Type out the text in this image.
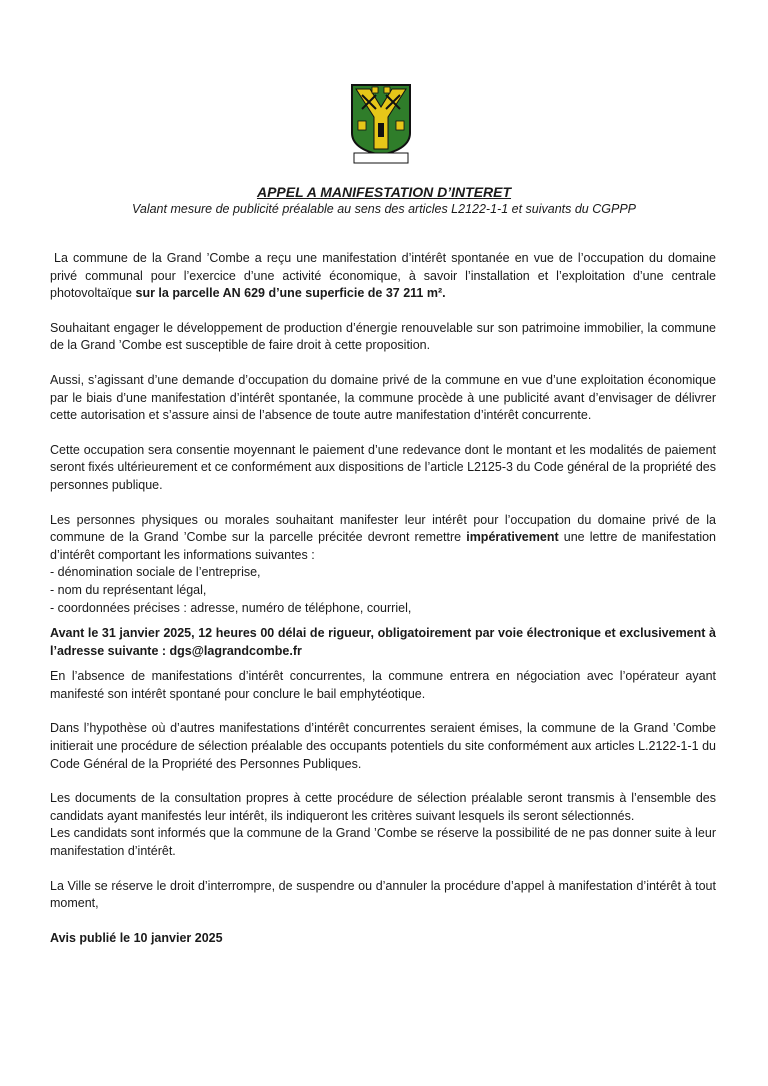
APPEL A MANIFESTATION D’INTERET
Valant mesure de publicité préalable au sens des articles L2122-1-1 et suivants du CGPPP

La commune de la Grand ’Combe a reçu une manifestation d’intérêt spontanée en vue de l’occupation du domaine privé communal pour l’exercice d’une activité économique, à savoir l’installation et l’exploitation d’une centrale photovoltaïque sur la parcelle AN 629 d’une superficie de 37 211 m².

Souhaitant engager le développement de production d’énergie renouvelable sur son patrimoine immobilier, la commune de la Grand ’Combe est susceptible de faire droit à cette proposition.

Aussi, s’agissant d’une demande d’occupation du domaine privé de la commune en vue d’une exploitation économique par le biais d’une manifestation d’intérêt spontanée, la commune procède à une publicité avant d’envisager de délivrer cette autorisation et s’assure ainsi de l’absence de toute autre manifestation d’intérêt concurrente.

Cette occupation sera consentie moyennant le paiement d’une redevance dont le montant et les modalités de paiement seront fixés ultérieurement et ce conformément aux dispositions de l’article L2125-3 du Code général de la propriété des personnes publique.

Les personnes physiques ou morales souhaitant manifester leur intérêt pour l’occupation du domaine privé de la commune de la Grand ’Combe sur la parcelle précitée devront remettre impérativement une lettre de manifestation d’intérêt comportant les informations suivantes :

- dénomination sociale de l’entreprise,
- nom du représentant légal,
- coordonnées précises : adresse, numéro de téléphone, courriel,

Avant le 31 janvier 2025, 12 heures 00 délai de rigueur, obligatoirement par voie électronique et exclusivement à l’adresse suivante : dgs@lagrandcombe.fr

En l’absence de manifestations d’intérêt concurrentes, la commune entrera en négociation avec l’opérateur ayant manifesté son intérêt spontané pour conclure le bail emphytéotique.

Dans l’hypothèse où d’autres manifestations d’intérêt concurrentes seraient émises, la commune de la Grand ’Combe initierait une procédure de sélection préalable des occupants potentiels du site conformément aux articles L.2122-1-1 du Code Général de la Propriété des Personnes Publiques.

Les documents de la consultation propres à cette procédure de sélection préalable seront transmis à l’ensemble des candidats ayant manifestés leur intérêt, ils indiqueront les critères suivant lesquels ils seront sélectionnés.

Les candidats sont informés que la commune de la Grand ’Combe se réserve la possibilité de ne pas donner suite à leur manifestation d’intérêt.

La Ville se réserve le droit d’interrompre, de suspendre ou d’annuler la procédure d’appel à manifestation d’intérêt à tout moment,

Avis publié le 10 janvier 2025
